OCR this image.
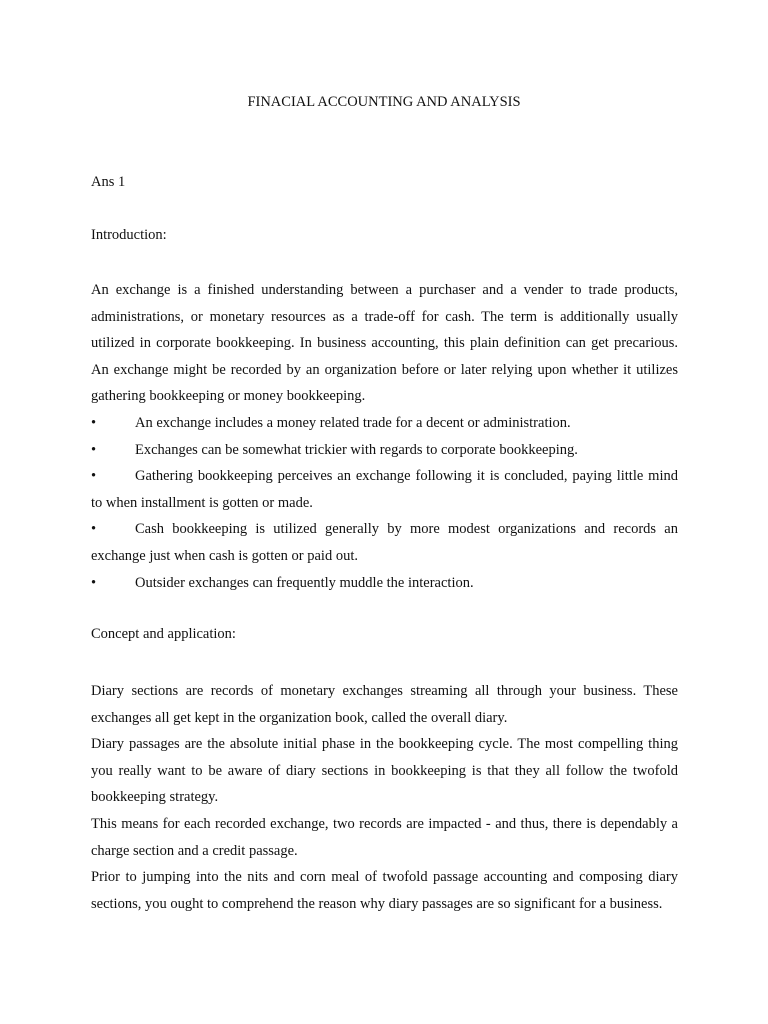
FINACIAL ACCOUNTING AND ANALYSIS
Ans 1
Introduction:

An exchange is a finished understanding between a purchaser and a vender to trade products, administrations, or monetary resources as a trade-off for cash. The term is additionally usually utilized in corporate bookkeeping. In business accounting, this plain definition can get precarious. An exchange might be recorded by an organization before or later relying upon whether it utilizes gathering bookkeeping or money bookkeeping.

•	An exchange includes a money related trade for a decent or administration.
•	Exchanges can be somewhat trickier with regards to corporate bookkeeping.
•	Gathering bookkeeping perceives an exchange following it is concluded, paying little mind to when installment is gotten or made.
•	Cash bookkeeping is utilized generally by more modest organizations and records an exchange just when cash is gotten or paid out.
•	Outsider exchanges can frequently muddle the interaction.
Concept and application:

Diary sections are records of monetary exchanges streaming all through your business. These exchanges all get kept in the organization book, called the overall diary.

Diary passages are the absolute initial phase in the bookkeeping cycle. The most compelling thing you really want to be aware of diary sections in bookkeeping is that they all follow the twofold bookkeeping strategy.

This means for each recorded exchange, two records are impacted - and thus, there is dependably a charge section and a credit passage.

Prior to jumping into the nits and corn meal of twofold passage accounting and composing diary sections, you ought to comprehend the reason why diary passages are so significant for a business.
